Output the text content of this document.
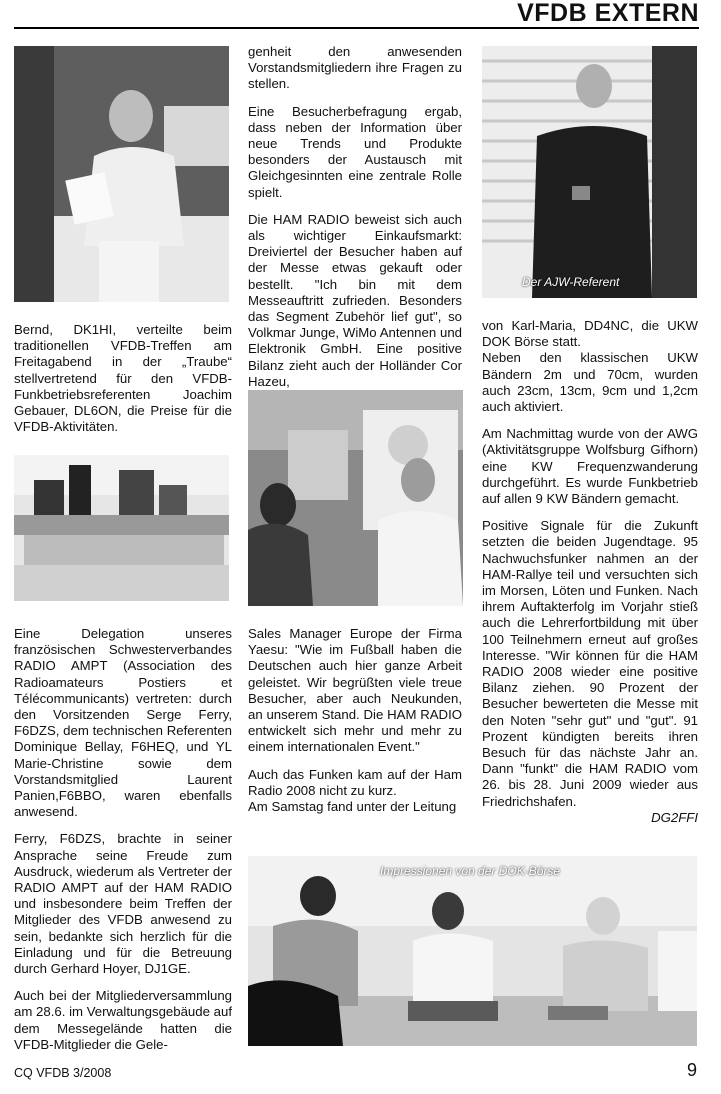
VFDB EXTERN

Bernd, DK1HI, verteilte beim traditionellen VFDB-Treffen am Freitagabend in der „Traube“ stellvertretend für den VFDB-Funkbetriebsreferenten Joachim Gebauer, DL6ON, die Preise für die VFDB-Aktivitäten.

Eine Delegation unseres französischen Schwesterverbandes RADIO AMPT (Association des Radioamateurs Postiers et Télécommunicants) vertreten: durch den Vorsitzenden Serge Ferry, F6DZS, dem technischen Referenten Dominique Bellay, F6HEQ, und YL Marie-Christine sowie dem Vorstandsmitglied Laurent Panien,F6BBO, waren ebenfalls anwesend.

Ferry, F6DZS, brachte in seiner Ansprache seine Freude zum Ausdruck, wiederum als Vertreter der RADIO AMPT auf der HAM RADIO und insbesondere beim Treffen der Mitglieder des VFDB anwesend zu sein, bedankte sich herzlich für die Einladung und für die Betreuung durch Gerhard Hoyer, DJ1GE.

Auch bei der Mitgliederversammlung am 28.6. im Verwaltungsgebäude auf dem Messegelände hatten die VFDB-Mitglieder die Gele-

genheit den anwesenden Vorstandsmitgliedern ihre Fragen zu stellen.

Eine Besucherbefragung ergab, dass neben der Information über neue Trends und Produkte besonders der Austausch mit Gleichgesinnten eine zentrale Rolle spielt.

Die HAM RADIO beweist sich auch als wichtiger Einkaufsmarkt: Dreiviertel der Besucher haben auf der Messe etwas gekauft oder bestellt. "Ich bin mit dem Messeauftritt zufrieden. Besonders das Segment Zubehör lief gut", so Volkmar Junge, WiMo Antennen und Elektronik GmbH. Eine positive Bilanz zieht auch der Holländer Cor Hazeu,

Sales Manager Europe der Firma Yaesu: "Wie im Fußball haben die Deutschen auch hier ganze Arbeit geleistet. Wir begrüßten viele treue Besucher, aber auch Neukunden, an unserem Stand. Die HAM RADIO entwickelt sich mehr und mehr zu einem internationalen Event."

Auch das Funken kam auf der Ham Radio 2008 nicht zu kurz.

Am Samstag fand unter der Leitung

Der AJW-Referent

von Karl-Maria, DD4NC, die UKW DOK Börse statt.

Neben den klassischen UKW Bändern 2m und 70cm, wurden auch 23cm, 13cm, 9cm und 1,2cm auch aktiviert.

Am Nachmittag wurde von der AWG (Aktivitätsgruppe Wolfsburg Gifhorn) eine KW Frequenzwanderung durchgeführt. Es wurde Funkbetrieb auf allen 9 KW Bändern gemacht.

Positive Signale für die Zukunft setzten die beiden Jugendtage. 95 Nachwuchsfunker nahmen an der HAM-Rallye teil und versuchten sich im Morsen, Löten und Funken. Nach ihrem Auftakterfolg im Vorjahr stieß auch die Lehrerfortbildung mit über 100 Teilnehmern erneut auf großes Interesse. "Wir können für die HAM RADIO 2008 wieder eine positive Bilanz ziehen. 90 Prozent der Besucher bewerteten die Messe mit den Noten "sehr gut" und "gut". 91 Prozent kündigten bereits ihren Besuch für das nächste Jahr an. Dann "funkt" die HAM RADIO vom 26. bis 28. Juni 2009 wieder aus Friedrichshafen.

DG2FFI

Impressionen von der DOK-Börse
CQ VFDB 3/2008	9
